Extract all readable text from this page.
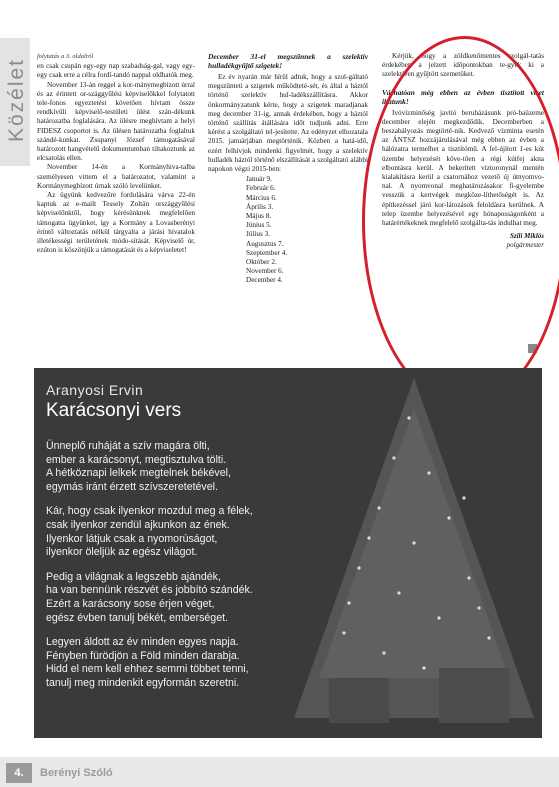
Közélet

folytatás a 3. oldalról

en csak csupán egy-egy nap szabadság-gal, vagy egy-egy csak erre a célra fordí-tandó nappal oldhatók meg.

November 13-án reggel a kor-mánymegbízott úrral és az érintett or-szággyűlési képviselőkkel folytatott tele-fonos egyeztetést követően hívtam össze rendkívüli képviselő-testületi ülést szán-dékunk határozatba foglalására. Az ülésre meghívtam a helyi FIDESZ csoportot is. Az ülésen határozatba foglaltuk szándé-kunkat. Zsupanyi József támogatásával határozott hangvételű dokumentumban tiltakoztunk az elcsatolás ellen.

November 14-én a Kormányhiva-talba személyesen vittem el a határozatot, valamint a Kormánymegbízott úrnak szóló levelünket.

Az ügyünk kedvezőre fordulására várva 22-én kaptuk az e-mailt Tessely Zoltán országgyűlési képviselőnktől, hogy kérésünknek megfelelően támogatta ügyünket, így a Kormány a Lovasberényi érintő változtatás nélkül tárgyalta a járási hivatalok illetékességi területének módo-sítását. Képviselő úr, ezúton is köszönjük a támogatását és a képviseletet!

December 31-el megszűnnek a szelektív hulladékgyűjtő szigetek!

Ez év nyarán már hírül adtuk, hogy a szol-gáltató megszünteti a szigetek működteté-sét, és által a háztól történő szelektív hul-ladékszállításra. Akkor önkormányzatunk kérte, hogy a szigetek maradjanak meg december 31-ig, annak érdekében, hogy a háztól történő szállítás átállására időt tudjunk adni. Erre kérést a szolgáltató tel-jesítette. Az edényzet elhozatala 2015. januárjában megtörténik. Közben a hatá-idő, ezért felhívjuk mindenki figyelmét, hogy a szelektív hulladék háztól történő elszállítását a szolgáltató alábbi napokon végzi 2015-ben:

Január 9.
Február 6.
Március 6.
Április 3.
Május 8.
Június 5.
Július 3.
Augusztus 7.
Szeptember 4.
Október 2.
November 6.
December 4.

Kérjük, hogy a zöldkenőmentes szolgál-tatás érdekében a jelzett időpontokban te-gyék ki a szelektíven gyűjtött szemetüket.

Várhatóan még ebben az évben tisztított vizet ihatunk!

Ivóvízminőség javító beruházásunk pró-baüzeme december elején megkezdődik. Decemberben a beszabályozás megtörté-nik. Kedvező vízminta esetén az ÁNTSZ hozzájárulásával még ebben az évben a hálózatra termelhet a tisztítómű. A fel-újított 1-es kút üzembe helyezését köve-tően a régi kútfej akna elbontásra kerül. A bekerített víztoronynál mentén kialakításra kerül a csatornához vezető új útnyomvo-nal. A nyomvonal meghatározásakor fi-gyelembe vesszük a kertvégek megköze-líthetőségét is. Az építkezéssel járó kor-látozások feloldásra kerülnek. A telep üzembe helyezésével egy hónaposságonként a határértékeknek megfelelő szolgálta-tás indulhat meg.

Szili Miklós
polgármester
Aranyosi Ervin
Karácsonyi vers
Ünneplő ruháját a szív magára ölti,
ember a karácsonyt, megtisztulva tölti.
A hétköznapi lelkek megtelnek békével,
egymás iránt érzett szívszeretetével.
Kár, hogy csak ilyenkor mozdul meg a félek,
csak ilyenkor zendül ajkunkon az ének.
Ilyenkor látjuk csak a nyomorúságot,
ilyenkor öleljük az egész világot.
Pedig a világnak a legszebb ajándék,
ha van bennünk részvét és jobbító szándék.
Ezért a karácsony sose érjen véget,
egész évben tanulj békét, emberséget.
Legyen áldott az év minden egyes napja.
Fényben fürödjön a Föld minden darabja.
Hidd el nem kell ehhez semmi többet tenni,
tanulj meg mindenkit egyformán szeretni.
4.	Berényi Szóló
